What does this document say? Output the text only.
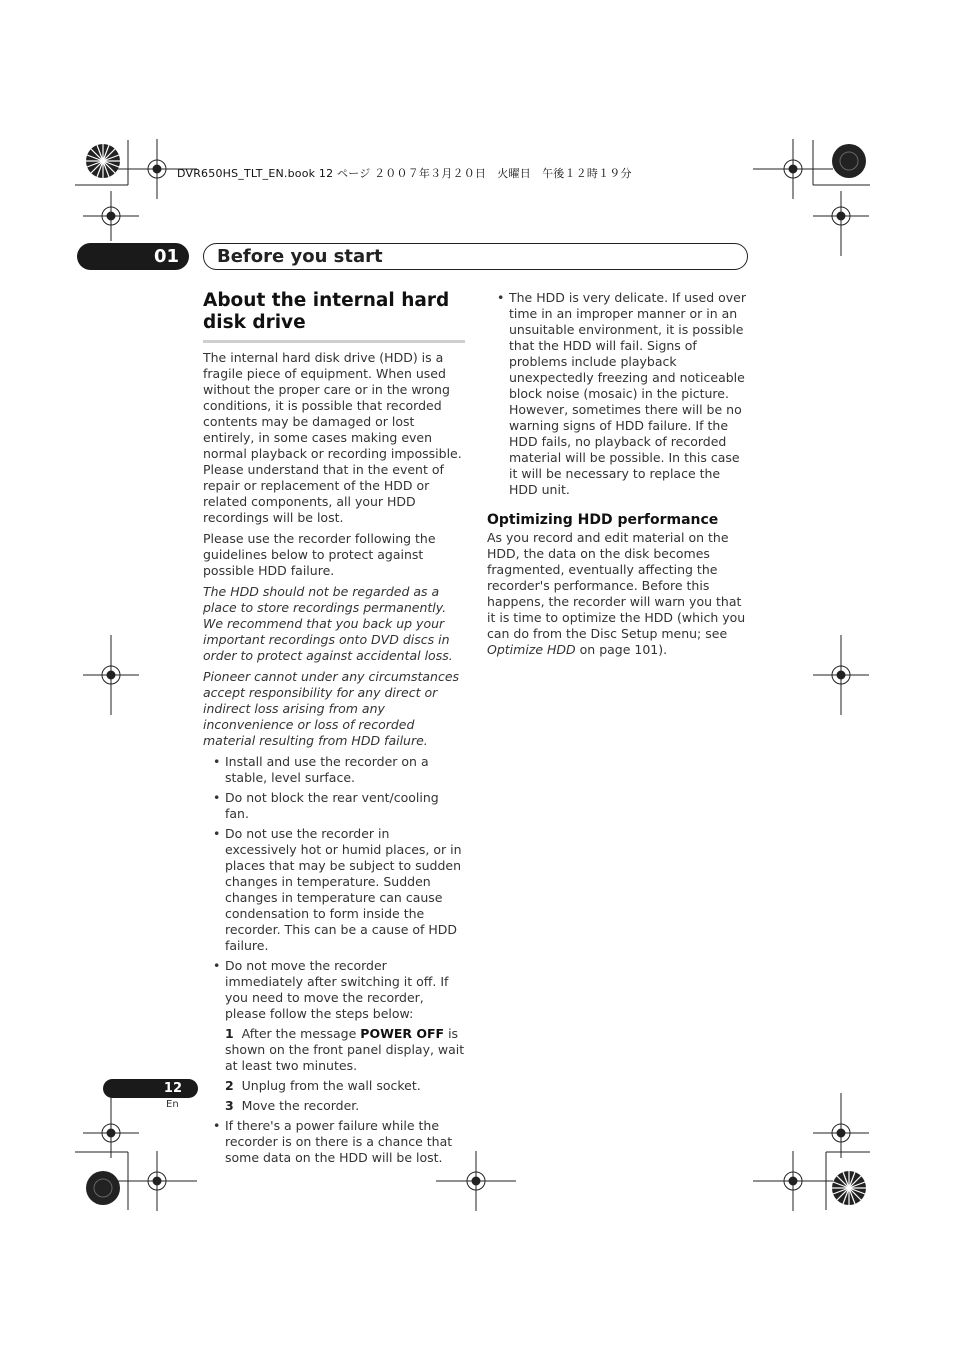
DVR650HS_TLT_EN.book 12 ページ ２００７年３月２０日　火曜日　午後１２時１９分
01	Before you start
About the internal hard disk drive

The internal hard disk drive (HDD) is a fragile piece of equipment. When used without the proper care or in the wrong conditions, it is possible that recorded contents may be damaged or lost entirely, in some cases making even normal playback or recording impossible. Please understand that in the event of repair or replacement of the HDD or related components, all your HDD recordings will be lost.

Please use the recorder following the guidelines below to protect against possible HDD failure.

The HDD should not be regarded as a place to store recordings permanently. We recommend that you back up your important recordings onto DVD discs in order to protect against accidental loss.

Pioneer cannot under any circumstances accept responsibility for any direct or indirect loss arising from any inconvenience or loss of recorded material resulting from HDD failure.

• Install and use the recorder on a stable, level surface.
• Do not block the rear vent/cooling fan.
• Do not use the recorder in excessively hot or humid places, or in places that may be subject to sudden changes in temperature. Sudden changes in temperature can cause condensation to form inside the recorder. This can be a cause of HDD failure.
• Do not move the recorder immediately after switching it off. If you need to move the recorder, please follow the steps below:
1 After the message POWER OFF is shown on the front panel display, wait at least two minutes.
2 Unplug from the wall socket.
3 Move the recorder.
• If there's a power failure while the recorder is on there is a chance that some data on the HDD will be lost.
• The HDD is very delicate. If used over time in an improper manner or in an unsuitable environment, it is possible that the HDD will fail. Signs of problems include playback unexpectedly freezing and noticeable block noise (mosaic) in the picture. However, sometimes there will be no warning signs of HDD failure. If the HDD fails, no playback of recorded material will be possible. In this case it will be necessary to replace the HDD unit.
Optimizing HDD performance

As you record and edit material on the HDD, the data on the disk becomes fragmented, eventually affecting the recorder's performance. Before this happens, the recorder will warn you that it is time to optimize the HDD (which you can do from the Disc Setup menu; see Optimize HDD on page 101).

12
En
